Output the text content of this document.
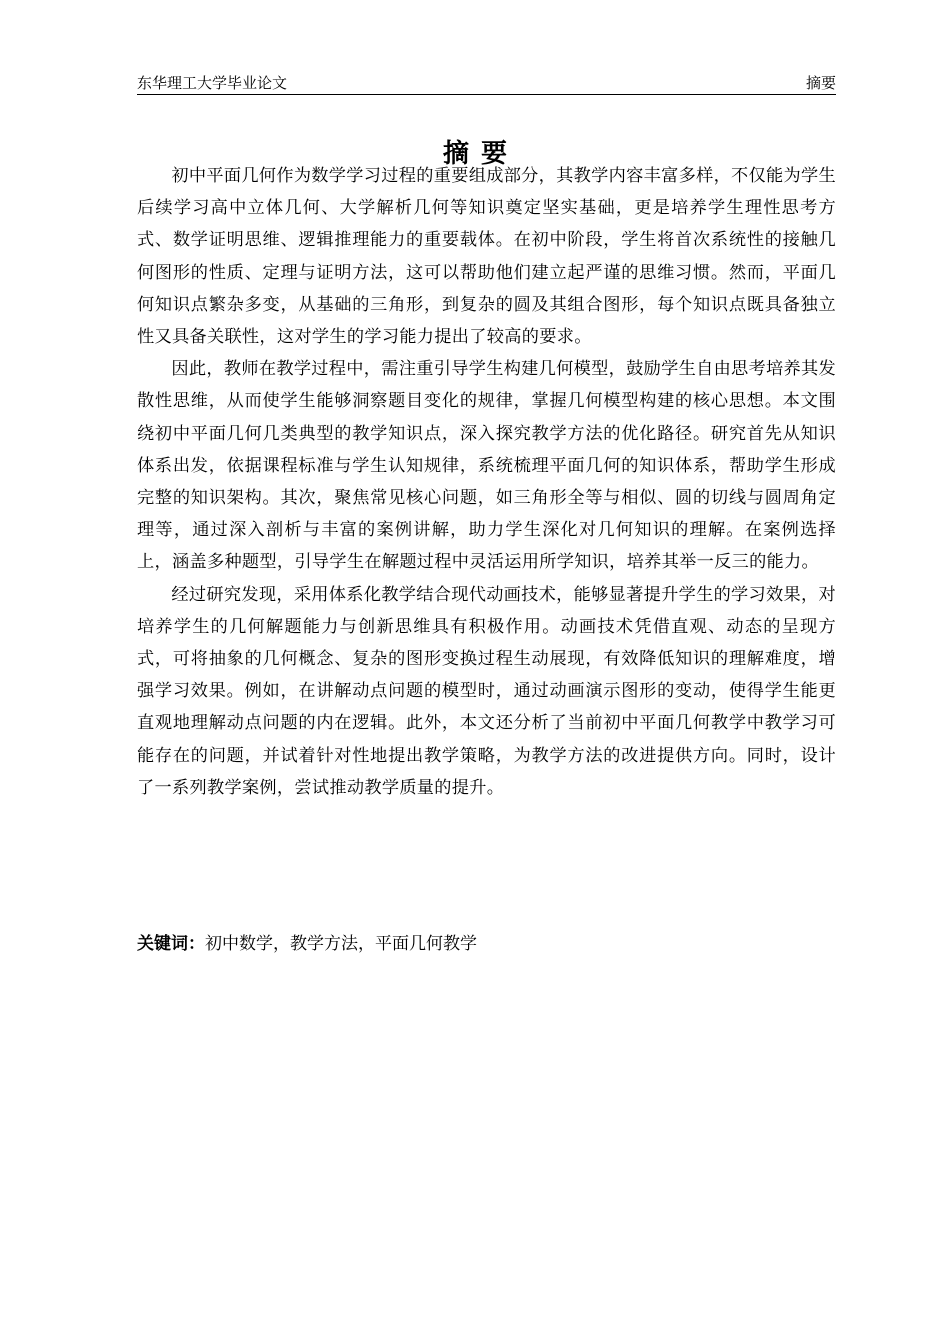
东华理工大学毕业论文	摘要
摘要

初中平面几何作为数学学习过程的重要组成部分，其教学内容丰富多样，不仅能为学生后续学习高中立体几何、大学解析几何等知识奠定坚实基础，更是培养学生理性思考方式、数学证明思维、逻辑推理能力的重要载体。在初中阶段，学生将首次系统性的接触几何图形的性质、定理与证明方法，这可以帮助他们建立起严谨的思维习惯。然而，平面几何知识点繁杂多变，从基础的三角形，到复杂的圆及其组合图形，每个知识点既具备独立性又具备关联性，这对学生的学习能力提出了较高的要求。

因此，教师在教学过程中，需注重引导学生构建几何模型，鼓励学生自由思考培养其发散性思维，从而使学生能够洞察题目变化的规律，掌握几何模型构建的核心思想。本文围绕初中平面几何几类典型的教学知识点，深入探究教学方法的优化路径。研究首先从知识体系出发，依据课程标准与学生认知规律，系统梳理平面几何的知识体系，帮助学生形成完整的知识架构。其次，聚焦常见核心问题，如三角形全等与相似、圆的切线与圆周角定理等，通过深入剖析与丰富的案例讲解，助力学生深化对几何知识的理解。在案例选择上，涵盖多种题型，引导学生在解题过程中灵活运用所学知识，培养其举一反三的能力。

经过研究发现，采用体系化教学结合现代动画技术，能够显著提升学生的学习效果，对培养学生的几何解题能力与创新思维具有积极作用。动画技术凭借直观、动态的呈现方式，可将抽象的几何概念、复杂的图形变换过程生动展现，有效降低知识的理解难度，增强学习效果。例如，在讲解动点问题的模型时，通过动画演示图形的变动，使得学生能更直观地理解动点问题的内在逻辑。此外，本文还分析了当前初中平面几何教学中教学习可能存在的问题，并试着针对性地提出教学策略，为教学方法的改进提供方向。同时，设计了一系列教学案例，尝试推动教学质量的提升。

关键词：初中数学，教学方法，平面几何教学
